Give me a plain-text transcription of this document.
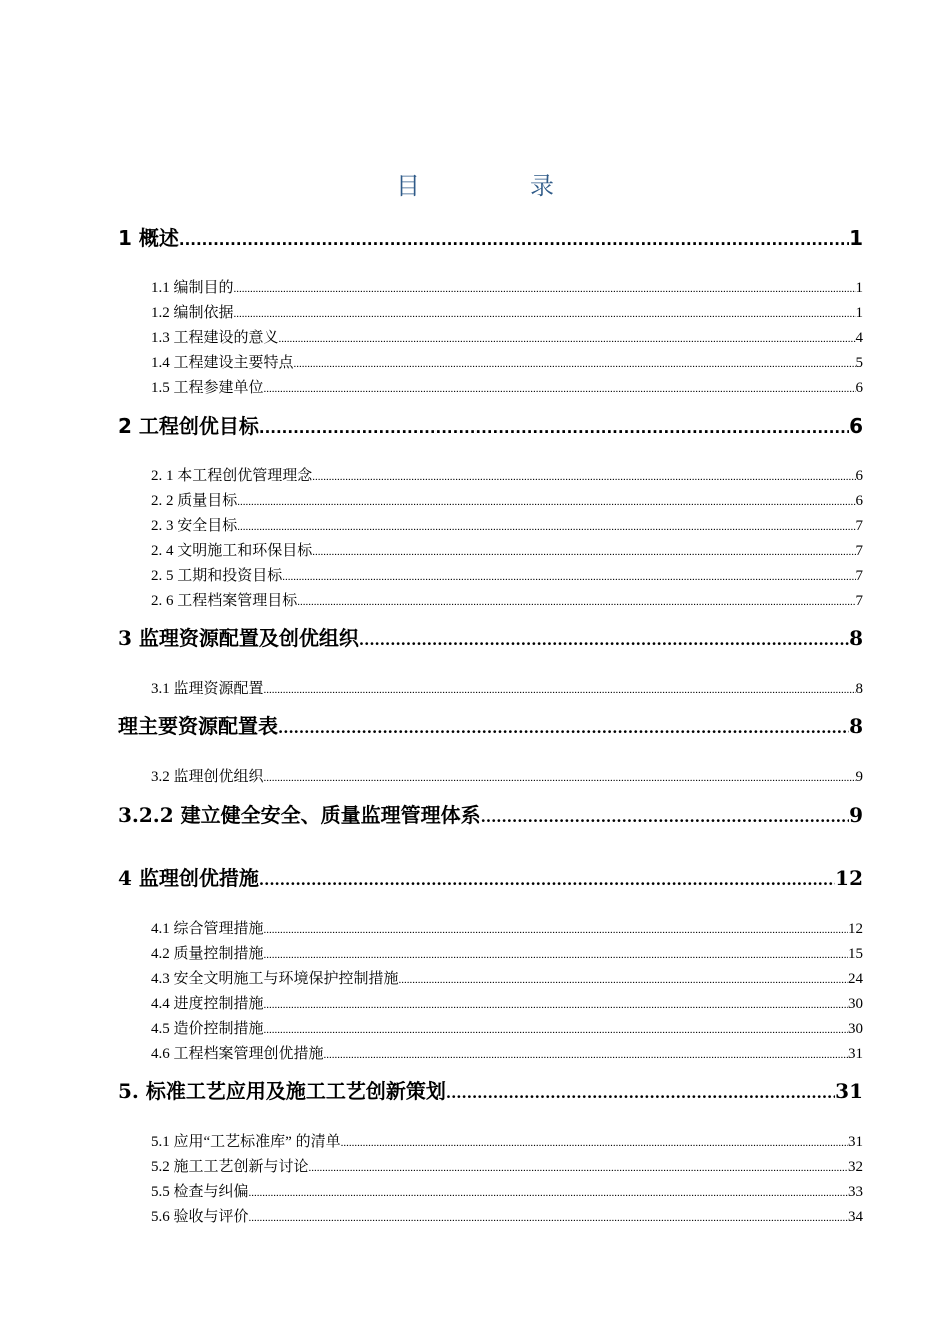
目	录
1 概述 .....	1
1.1 编制目的 .....	1
1.2 编制依据 .....	1
1.3 工程建设的意义 .....	4
1.4 工程建设主要特点 .....	5
1.5 工程参建单位 .....	6
2 工程创优目标 .....	6
2. 1 本工程创优管理理念 .....	6
2. 2 质量目标 .....	6
2. 3 安全目标 .....	7
2. 4 文明施工和环保目标 .....	7
2. 5 工期和投资目标 .....	7
2. 6 工程档案管理目标 .....	7
3 监理资源配置及创优组织 .....	8
3.1 监理资源配置 .....	8
理主要资源配置表 .....	8
3.2 监理创优组织 .....	9
3.2.2 建立健全安全、质量监理管理体系 .....	9
4 监理创优措施 .....	12
4.1 综合管理措施 .....	12
4.2 质量控制措施 .....	15
4.3 安全文明施工与环境保护控制措施 .....	24
4.4 进度控制措施 .....	30
4.5 造价控制措施 .....	30
4.6 工程档案管理创优措施 .....	31
5. 标准工艺应用及施工工艺创新策划 .....	31
5.1 应用“工艺标准库” 的清单 .....	31
5.2 施工工艺创新与讨论 .....	32
5.5 检查与纠偏 .....	33
5.6 验收与评价 .....	34
